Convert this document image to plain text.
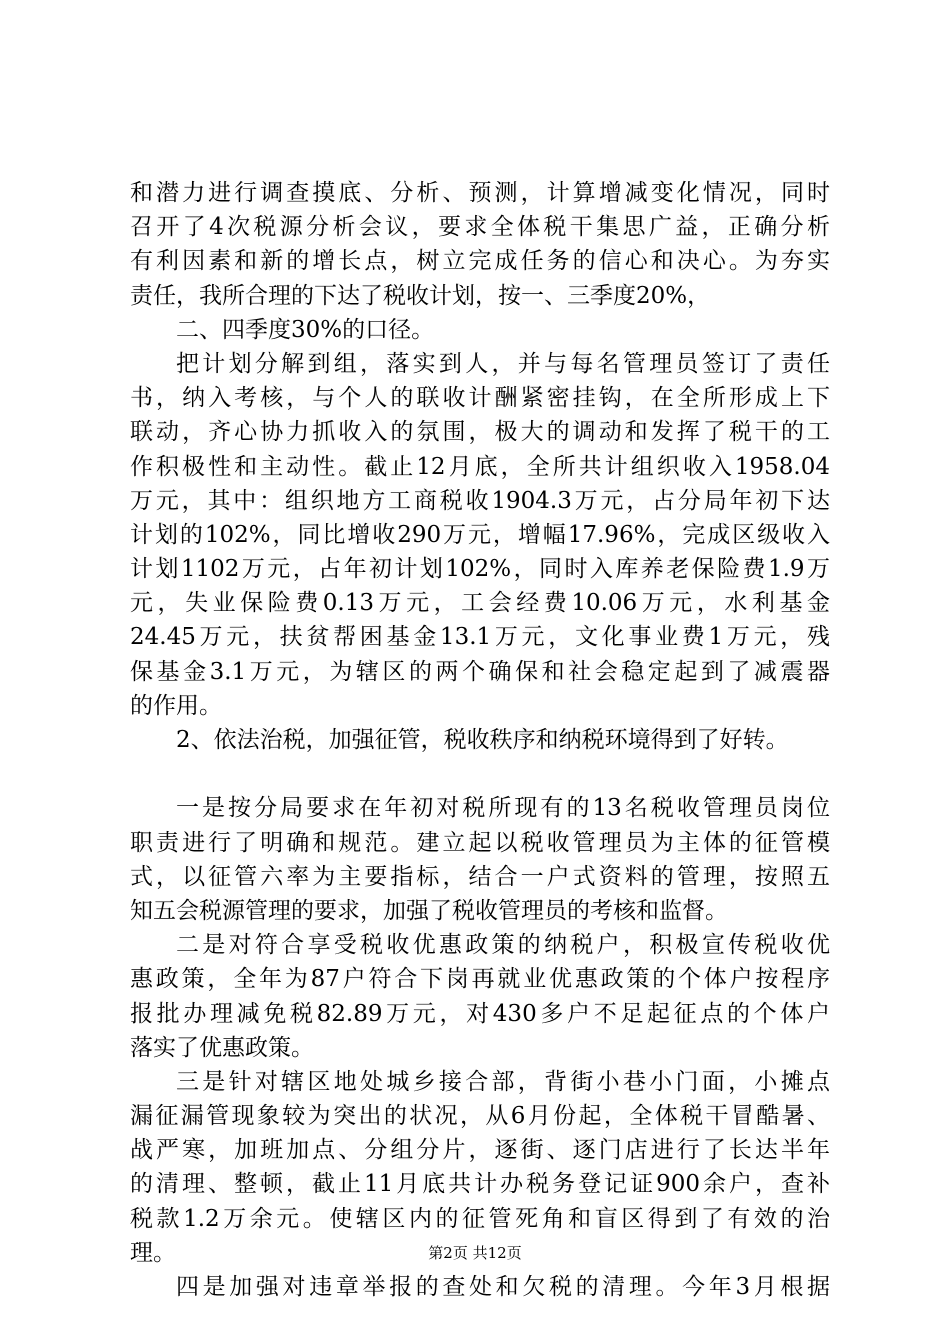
和潜力进行调查摸底、分析、预测，计算增减变化情况，同时
召开了4次税源分析会议，要求全体税干集思广益，正确分析
有利因素和新的增长点，树立完成任务的信心和决心。为夯实
责任，我所合理的下达了税收计划，按一、三季度20%，
二、四季度30%的口径。
把计划分解到组，落实到人，并与每名管理员签订了责任
书，纳入考核，与个人的联收计酬紧密挂钩，在全所形成上下
联动，齐心协力抓收入的氛围，极大的调动和发挥了税干的工
作积极性和主动性。截止12月底，全所共计组织收入1958.04
万元，其中：组织地方工商税收1904.3万元，占分局年初下达
计划的102%，同比增收290万元，增幅17.96%，完成区级收入
计划1102万元，占年初计划102%，同时入库养老保险费1.9万
元，失业保险费0.13万元，工会经费10.06万元，水利基金
24.45万元，扶贫帮困基金13.1万元，文化事业费1万元，残
保基金3.1万元，为辖区的两个确保和社会稳定起到了减震器
的作用。
2、依法治税，加强征管，税收秩序和纳税环境得到了好转。
一是按分局要求在年初对税所现有的13名税收管理员岗位
职责进行了明确和规范。建立起以税收管理员为主体的征管模
式，以征管六率为主要指标，结合一户式资料的管理，按照五
知五会税源管理的要求，加强了税收管理员的考核和监督。
二是对符合享受税收优惠政策的纳税户，积极宣传税收优
惠政策，全年为87户符合下岗再就业优惠政策的个体户按程序
报批办理减免税82.89万元，对430多户不足起征点的个体户
落实了优惠政策。
三是针对辖区地处城乡接合部，背街小巷小门面，小摊点
漏征漏管现象较为突出的状况，从6月份起，全体税干冒酷暑、
战严寒，加班加点、分组分片，逐街、逐门店进行了长达半年
的清理、整顿，截止11月底共计办税务登记证900余户，查补
税款1.2万余元。使辖区内的征管死角和盲区得到了有效的治
理。
四是加强对违章举报的查处和欠税的清理。今年3月根据
第2页 共12页
